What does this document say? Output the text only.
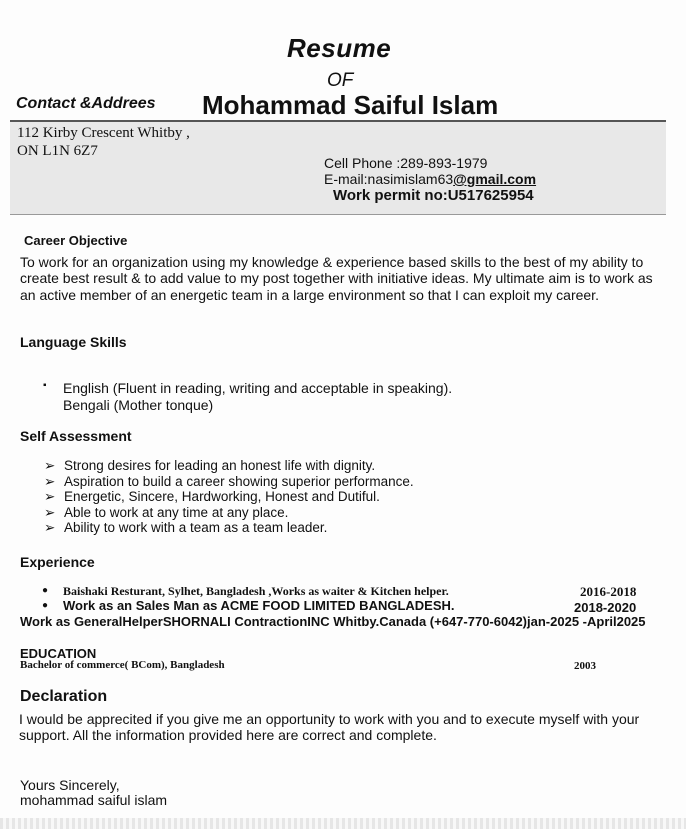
Resume
OF
Contact &Addrees Mohammad Saiful Islam
112 Kirby Crescent Whitby ,
ON L1N 6Z7
Cell Phone :289-893-1979
E-mail:nasimislam63@gmail.com
Work permit no:U517625954
Career Objective
To work for an organization using my knowledge & experience based skills to the best of my ability to create best result & to add value to my post together with initiative ideas. My ultimate aim is to work as an active member of an energetic team in a large environment so that I can exploit my career.
Language Skills
▪ English (Fluent in reading, writing and acceptable in speaking).
Bengali (Mother tonque)
Self Assessment
➢ Strong desires for leading an honest life with dignity.
➢ Aspiration to build a career showing superior performance.
➢ Energetic, Sincere, Hardworking, Honest and Dutiful.
➢ Able to work at any time at any place.
➢ Ability to work with a team as a team leader.
Experience
● Baishaki Resturant, Sylhet, Bangladesh ,Works as waiter & Kitchen helper.	2016-2018
● Work as an Sales Man as ACME FOOD LIMITED BANGLADESH.	2018-2020
Work as GeneralHelperSHORNALI ContractionINC Whitby.Canada (+647-770-6042)jan-2025 -April2025
EDUCATION
Bachelor of commerce( BCom), Bangladesh	2003
Declaration
I would be apprecited if you give me an opportunity to work with you and to execute myself with your support. All the information provided here are correct and complete.
Yours Sincerely,
mohammad saiful islam
